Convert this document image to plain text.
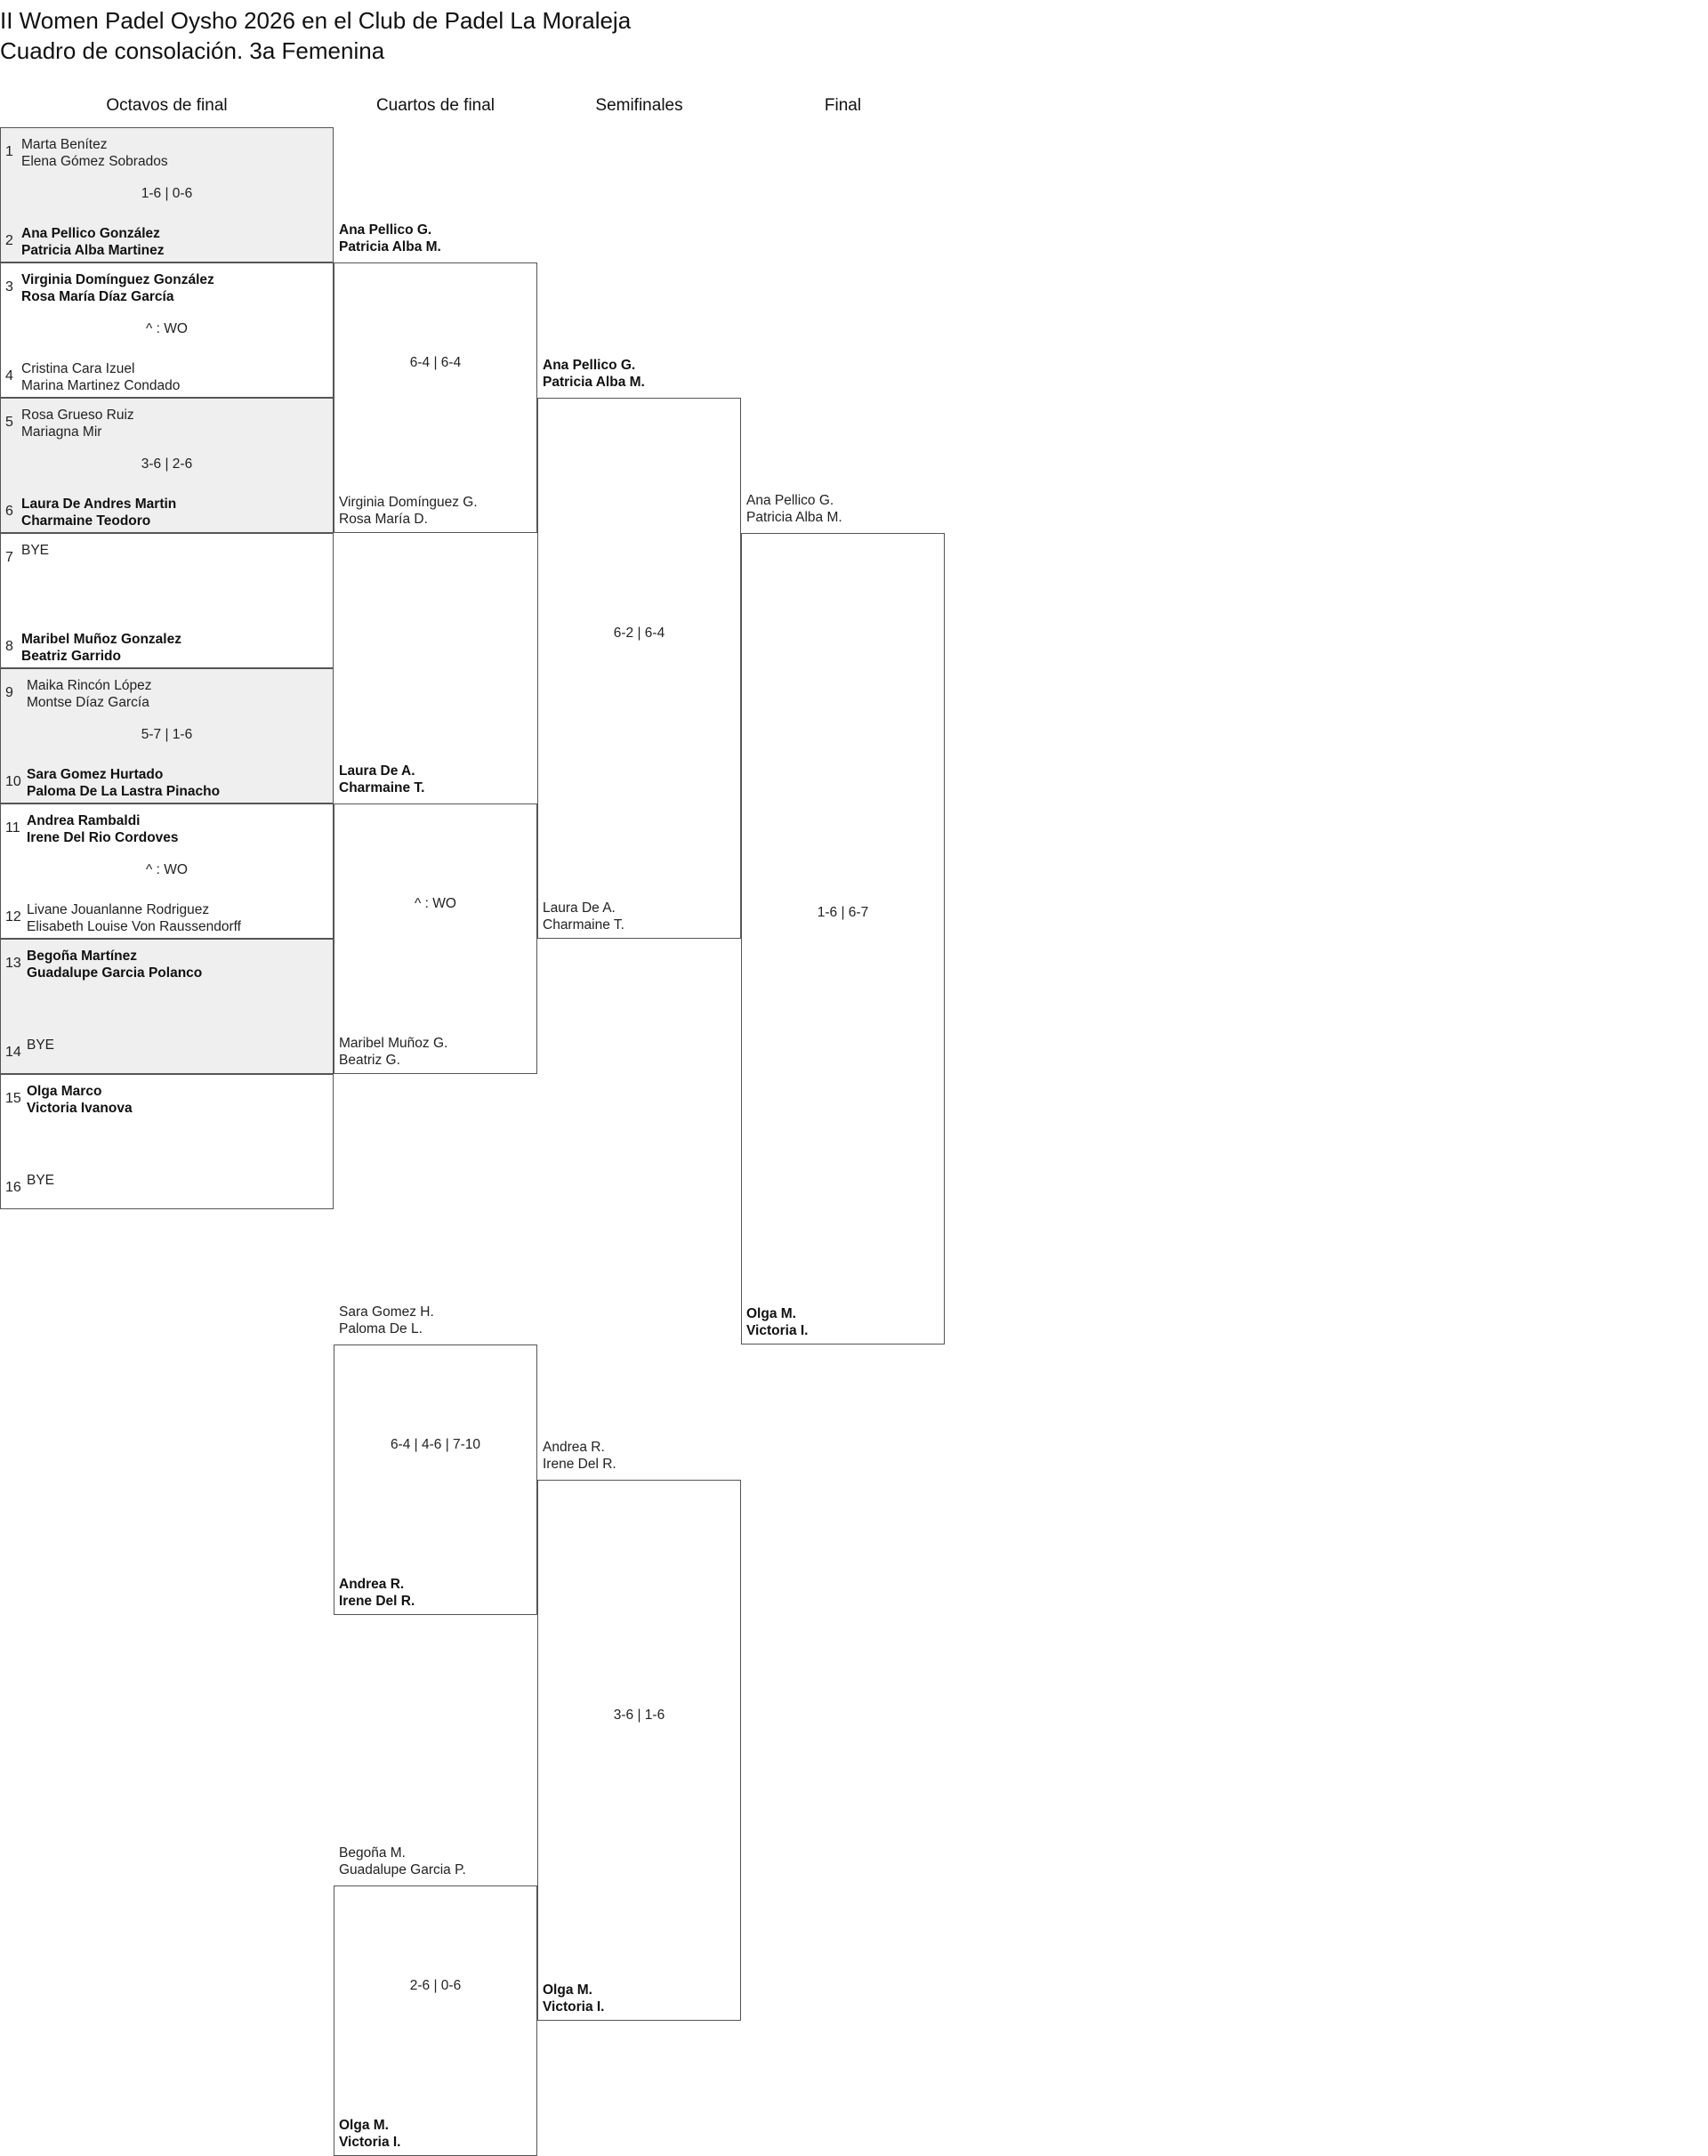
II Women Padel Oysho 2026 en el Club de Padel La Moraleja
Cuadro de consolación. 3a Femenina
Octavos de final	Cuartos de final	Semifinales	Final
1
2
Marta Benítez
Elena Gómez Sobrados
Ana Pellico González
Patricia Alba Martinez
1-6 | 0-6
3
4
Virginia Domínguez González
Rosa María Díaz García
Cristina Cara Izuel
Marina Martinez Condado
^ : WO
5
6
Rosa Grueso Ruiz
Mariagna Mir
Laura De Andres Martin
Charmaine Teodoro
3-6 | 2-6
7
8
BYE
Maribel Muñoz Gonzalez
Beatriz Garrido
9
10
Maika Rincón López
Montse Díaz García
Sara Gomez Hurtado
Paloma De La Lastra Pinacho
5-7 | 1-6
11
12
Andrea Rambaldi
Irene Del Rio Cordoves
Livane Jouanlanne Rodriguez
Elisabeth Louise Von Raussendorff
^ : WO
13
14
Begoña Martínez
Guadalupe Garcia Polanco
BYE
15
16
Olga Marco
Victoria Ivanova
BYE
Ana Pellico G.
Patricia Alba M.
Virginia Domínguez G.
Rosa María D.
6-4 | 6-4
Laura De A.
Charmaine T.
Maribel Muñoz G.
Beatriz G.
^ : WO
Sara Gomez H.
Paloma De L.
Andrea R.
Irene Del R.
6-4 | 4-6 | 7-10
Begoña M.
Guadalupe Garcia P.
Olga M.
Victoria I.
2-6 | 0-6
Ana Pellico G.
Patricia Alba M.
Laura De A.
Charmaine T.
6-2 | 6-4
Andrea R.
Irene Del R.
Olga M.
Victoria I.
3-6 | 1-6
Ana Pellico G.
Patricia Alba M.
Olga M.
Victoria I.
1-6 | 6-7
